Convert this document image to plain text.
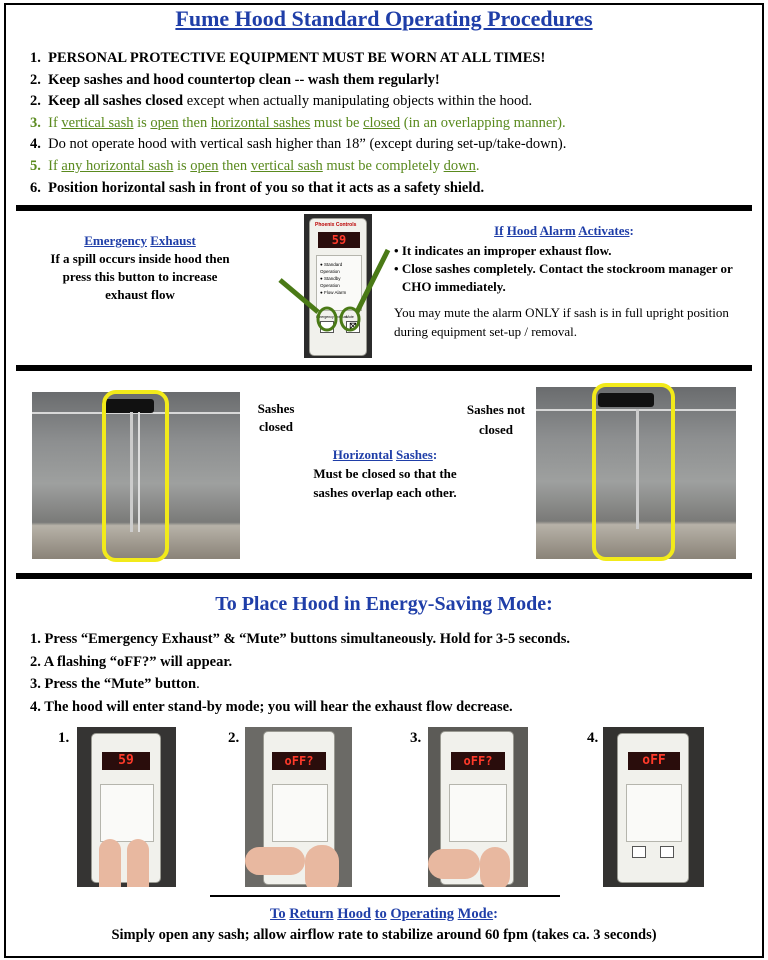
Fume Hood Standard Operating Procedures
1. PERSONAL PROTECTIVE EQUIPMENT MUST BE WORN AT ALL TIMES!
2. Keep sashes and hood countertop clean -- wash them regularly!
2. Keep all sashes closed except when actually manipulating objects within the hood.
3. If vertical sash is open then horizontal sashes must be closed (in an overlapping manner).
4. Do not operate hood with vertical sash higher than 18” (except during set-up/take-down).
5. If any horizontal sash is open then vertical sash must be completely down.
6. Position horizontal sash in front of you so that it acts as a safety shield.
Emergency Exhaust
If a spill occurs inside hood then press this button to increase exhaust flow
Phoenix Controls
59
● Standard Operation
● Standby Operation
● Flow Alarm
Emergency Exhaust
Mute
⊠
If Hood Alarm Activates:
• It indicates an improper exhaust flow.
• Close sashes completely. Contact the stockroom manager or CHO immediately.
You may mute the alarm ONLY if sash is in full upright position during equipment set-up / removal.
Sashes closed
Horizontal Sashes:
Must be closed so that the sashes overlap each other.
Sashes not closed
To Place Hood in Energy-Saving Mode:
1. Press “Emergency Exhaust” & “Mute” buttons simultaneously. Hold for 3-5 seconds.
2. A flashing “oFF?” will appear.
3. Press the “Mute” button.
4. The hood will enter stand-by mode; you will hear the exhaust flow decrease.
1.	2.	3.	4.
59	oFF?	oFF?	oFF
To Return Hood to Operating Mode:
Simply open any sash; allow airflow rate to stabilize around 60 fpm (takes ca. 3 seconds)
